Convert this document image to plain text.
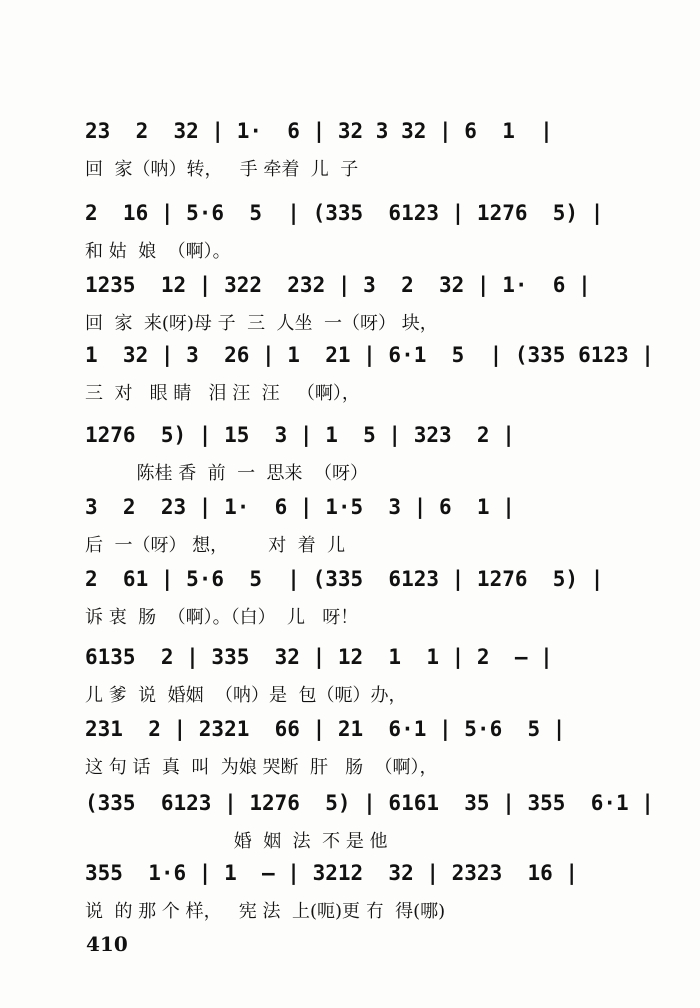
23  2  32 | 1·  6 | 32 3 32 | 6  1  |
回  家（呐）转，   手 牵着  儿  子
2  16 | 5·6  5  | (335  6123 | 1276  5) |
和 姑  娘  （啊）。
1235  12 | 322  232 | 3  2  32 | 1·  6 |
回  家  来(呀)母 子  三  人坐  一（呀） 块，
1  32 | 3  26 | 1  21 | 6·1  5  | (335 6123 |
三  对   眼 睛   泪 汪  汪   （啊），
1276  5) | 15  3 | 1  5 | 323  2 |
陈桂 香  前  一  思来  （呀）
3  2  23 | 1·  6 | 1·5  3 | 6  1 |
后  一（呀） 想，       对  着  儿
2  61 | 5·6  5  | (335  6123 | 1276  5) |
诉 衷  肠  （啊）。（白）  儿   呀！
6135  2 | 335  32 | 12  1  1 | 2  — |
儿 爹  说  婚姻  （呐）是  包（呃）办，
231  2 | 2321  66 | 21  6·1 | 5·6  5 |
这 句 话  真  叫  为娘 哭断  肝   肠  （啊），
(335  6123 | 1276  5) | 6161  35 | 355  6·1 |
婚  姻  法  不 是 他
355  1·6 | 1  — | 3212  32 | 2323  16 |
说  的 那 个 样，   宪 法  上(呃)更 冇  得(哪)
410
